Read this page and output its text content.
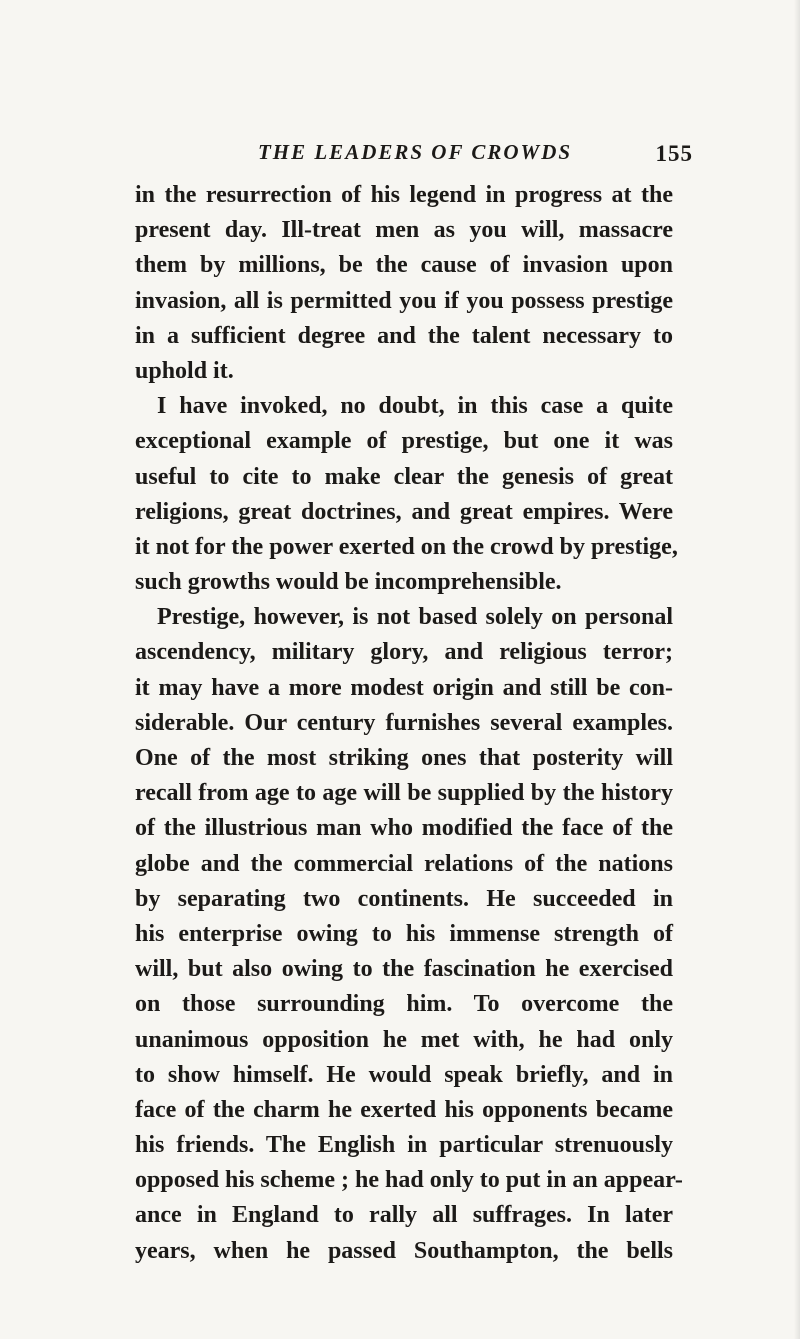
THE LEADERS OF CROWDS	155
in the resurrection of his legend in progress at the
present day. Ill-treat men as you will, massacre
them by millions, be the cause of invasion upon
invasion, all is permitted you if you possess prestige
in a sufficient degree and the talent necessary to
uphold it.
I have invoked, no doubt, in this case a quite
exceptional example of prestige, but one it was
useful to cite to make clear the genesis of great
religions, great doctrines, and great empires. Were
it not for the power exerted on the crowd by prestige,
such growths would be incomprehensible.
Prestige, however, is not based solely on personal
ascendency, military glory, and religious terror;
it may have a more modest origin and still be con-
siderable. Our century furnishes several examples.
One of the most striking ones that posterity will
recall from age to age will be supplied by the history
of the illustrious man who modified the face of the
globe and the commercial relations of the nations
by separating two continents. He succeeded in
his enterprise owing to his immense strength of
will, but also owing to the fascination he exercised
on those surrounding him. To overcome the
unanimous opposition he met with, he had only
to show himself. He would speak briefly, and in
face of the charm he exerted his opponents became
his friends. The English in particular strenuously
opposed his scheme ; he had only to put in an appear-
ance in England to rally all suffrages. In later
years, when he passed Southampton, the bells
